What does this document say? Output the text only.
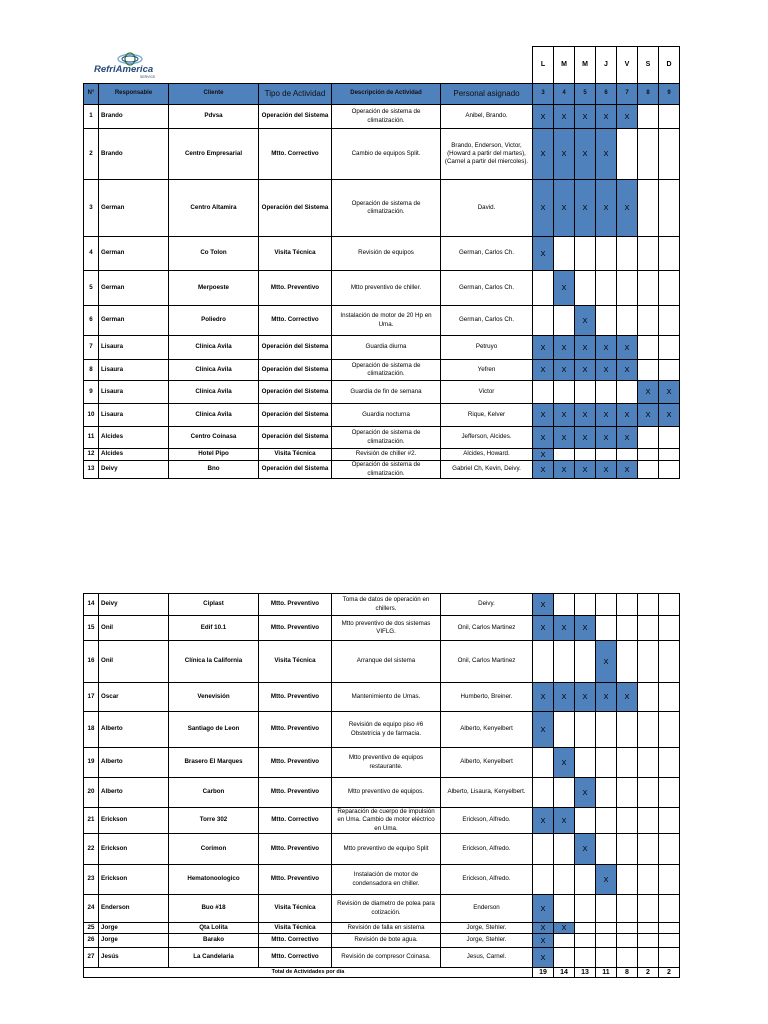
RefriAmerica
SERVICE
						L	M	M	J	V	S	D
N°	Responsable	Cliente	Tipo de Actividad	Descripción de Actividad	Personal asignado	3	4	5	6	7	8	9
1	Brando	Pdvsa	Operación del Sistema	Operación de sistema de climatización.	Anibel, Brando.	X	X	X	X	X		
2	Brando	Centro Empresarial	Mtto. Correctivo	Cambio de equipos Split.	Brando, Enderson, Victor, (Howard a partir del martes), (Carnel a partir del miercoles).	X	X	X	X			
3	German	Centro Altamira	Operación del Sistema	Operación de sistema de climatización.	David.	X	X	X	X	X		
4	German	Co Tolon	Visita Técnica	Revisión de equipos	German, Carlos Ch.	X						
5	German	Merpoeste	Mtto. Preventivo	Mtto preventivo de chiller.	German, Carlos Ch.		X					
6	German	Poliedro	Mtto. Correctivo	Instalación de motor de 20 Hp en Uma.	German, Carlos Ch.			X				
7	Lisaura	Clínica Avila	Operación del Sistema	Guardia diurna	Petruyo	X	X	X	X	X		
8	Lisaura	Clínica Avila	Operación del Sistema	Operación de sistema de climatización.	Yefren	X	X	X	X	X		
9	Lisaura	Clínica Avila	Operación del Sistema	Guardia de fin de semana	Victor						X	X
10	Lisaura	Clínica Avila	Operación del Sistema	Guardia nocturna	Rique, Kelver	X	X	X	X	X	X	X
11	Alcides	Centro Coinasa	Operación del Sistema	Operación de sistema de climatización.	Jefferson, Alcides.	X	X	X	X	X		
12	Alcides	Hotel Pipo	Visita Técnica	Revisión de chiller #2.	Alcides, Howard.	X						
13	Deivy	Bno	Operación del Sistema	Operación de sistema de climatización.	Gabriel Ch, Kevin, Deivy.	X	X	X	X	X		
14	Deivy	Ciplast	Mtto. Preventivo	Toma de datos de operación en chillers.	Deivy.	X						
15	Onil	Edif 10.1	Mtto. Preventivo	Mtto preventivo de dos sistemas VIFLG.	Onil, Carlos Martinez	X	X	X				
16	Onil	Clínica la California	Visita Técnica	Arranque del sistema	Onil, Carlos Martinez				X			
17	Oscar	Venevisión	Mtto. Preventivo	Mantenimiento de Umas.	Humberto, Breiner.	X	X	X	X	X		
18	Alberto	Santiago de Leon	Mtto. Preventivo	Revisión de equipo piso #6 Obstetricia y de farmacia.	Alberto, Kenyelbert	X						
19	Alberto	Brasero El Marques	Mtto. Preventivo	Mtto preventivo de equipos restaurante.	Alberto, Kenyelbert		X					
20	Alberto	Carbon	Mtto. Preventivo	Mtto preventivo de equipos.	Alberto, Lisaura, Kenyelbert.			X				
21	Erickson	Torre 302	Mtto. Correctivo	Reparación de cuerpo de impulsión en Uma. Cambio de motor eléctrico en Uma.	Erickson, Alfredo.	X	X					
22	Erickson	Corimon	Mtto. Preventivo	Mtto preventivo de equipo Split	Erickson, Alfredo.			X				
23	Erickson	Hematonoologico	Mtto. Preventivo	Instalación de motor de condensadora en chiller.	Erickson, Alfredo.				X			
24	Enderson	Buo #18	Visita Técnica	Revisión de diametro de polea para cotización.	Enderson	X						
25	Jorge	Qta Lolita	Visita Técnica	Revisión de falla en sistema	Jorge, Stehler.	X	X					
26	Jorge	Barako	Mtto. Correctivo	Revisión de bote agua.	Jorge, Stehler.	X						
27	Jesús	La Candelaria	Mtto. Correctivo	Revisión de compresor Coinasa.	Jesus, Carnel.	X						
Total de Actividades por día						19	14	13	11	8	2	2
